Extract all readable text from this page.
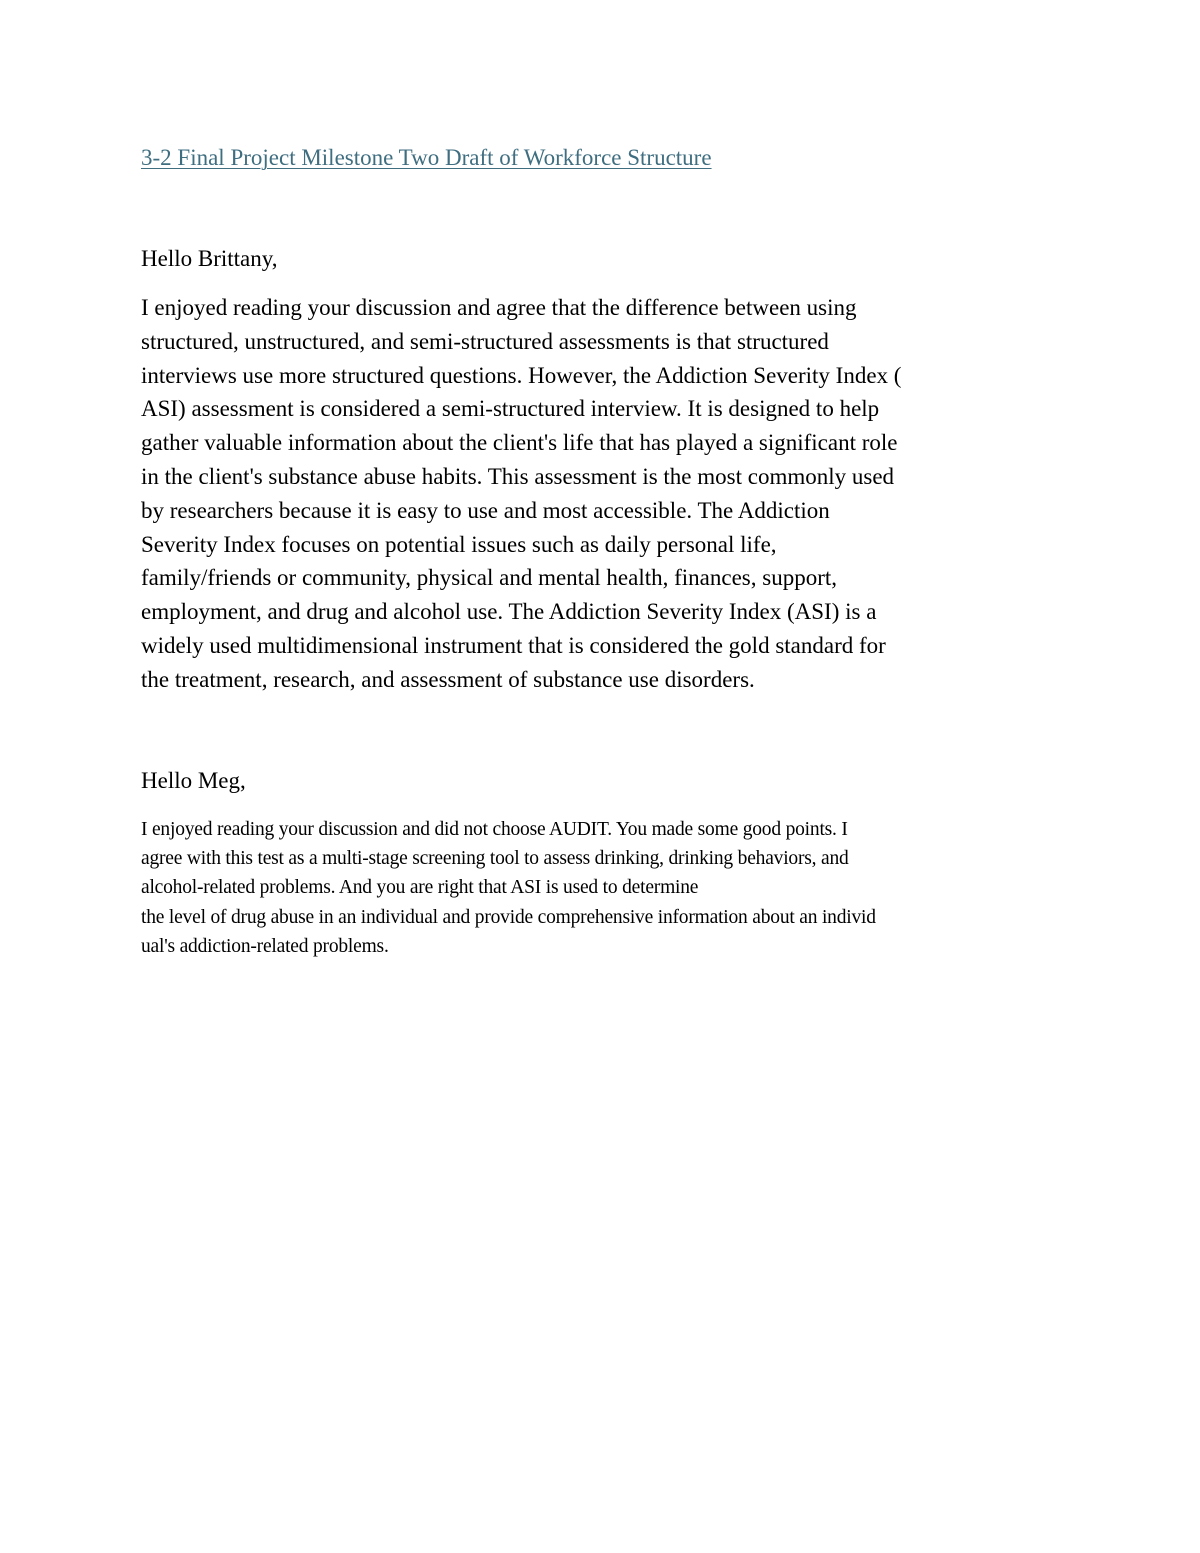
3-2 Final Project Milestone Two Draft of Workforce Structure

Hello Brittany,

I enjoyed reading your discussion and agree that the difference between using
structured, unstructured, and semi-structured assessments is that structured
interviews use more structured questions. However, the Addiction Severity Index (
ASI) assessment is considered a semi-structured interview. It is designed to help
gather valuable information about the client's life that has played a significant role
in the client's substance abuse habits. This assessment is the most commonly used
by researchers because it is easy to use and most accessible. The Addiction
Severity Index focuses on potential issues such as daily personal life,
family/friends or community, physical and mental health, finances, support,
employment, and drug and alcohol use. The Addiction Severity Index (ASI) is a
widely used multidimensional instrument that is considered the gold standard for
the treatment, research, and assessment of substance use disorders.

Hello Meg,

I enjoyed reading your discussion and did not choose AUDIT. You made some good points. I
agree with this test as a multi-stage screening tool to assess drinking, drinking behaviors, and
alcohol-related problems. And you are right that ASI is used to determine
the level of drug abuse in an individual and provide comprehensive information about an individ
ual's addiction-related problems.
